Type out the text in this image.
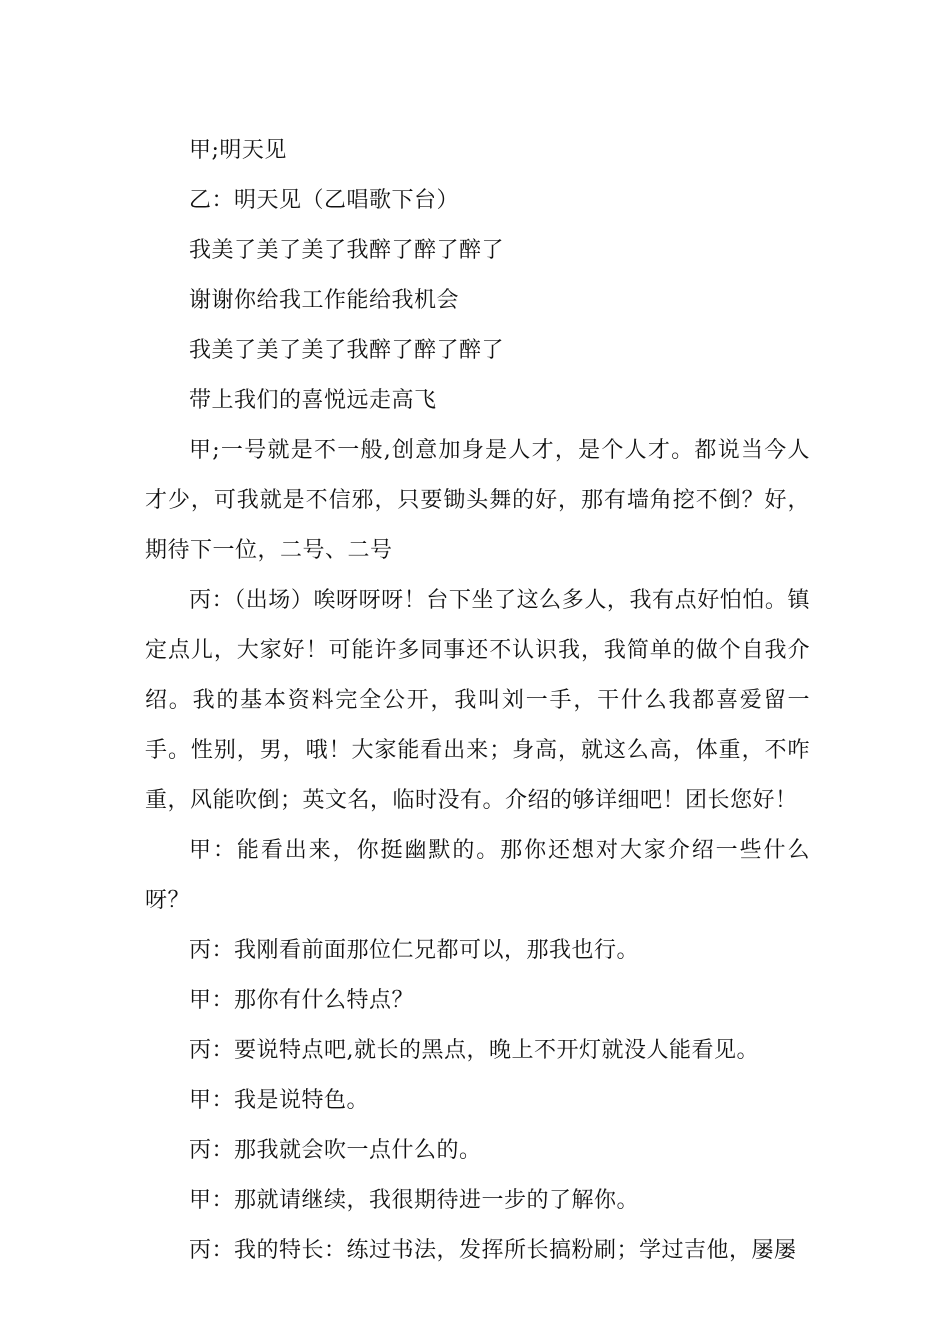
甲;明天见

乙：明天见（乙唱歌下台）

我美了美了美了我醉了醉了醉了

谢谢你给我工作能给我机会

我美了美了美了我醉了醉了醉了

带上我们的喜悦远走高飞

甲;一号就是不一般,创意加身是人才，是个人才。都说当今人才少，可我就是不信邪，只要锄头舞的好，那有墙角挖不倒？好，期待下一位，二号、二号

丙：（出场）唉呀呀呀！台下坐了这么多人，我有点好怕怕。镇定点儿，大家好！可能许多同事还不认识我，我简单的做个自我介绍。我的基本资料完全公开，我叫刘一手，干什么我都喜爱留一手。性别，男，哦！大家能看出来；身高，就这么高，体重，不咋重，风能吹倒；英文名，临时没有。介绍的够详细吧！团长您好！

甲：能看出来，你挺幽默的。那你还想对大家介绍一些什么呀？

丙：我刚看前面那位仁兄都可以，那我也行。

甲：那你有什么特点？

丙：要说特点吧,就长的黑点，晚上不开灯就没人能看见。

甲：我是说特色。

丙：那我就会吹一点什么的。

甲：那就请继续，我很期待进一步的了解你。

丙：我的特长：练过书法，发挥所长搞粉刷；学过吉他，屡屡
